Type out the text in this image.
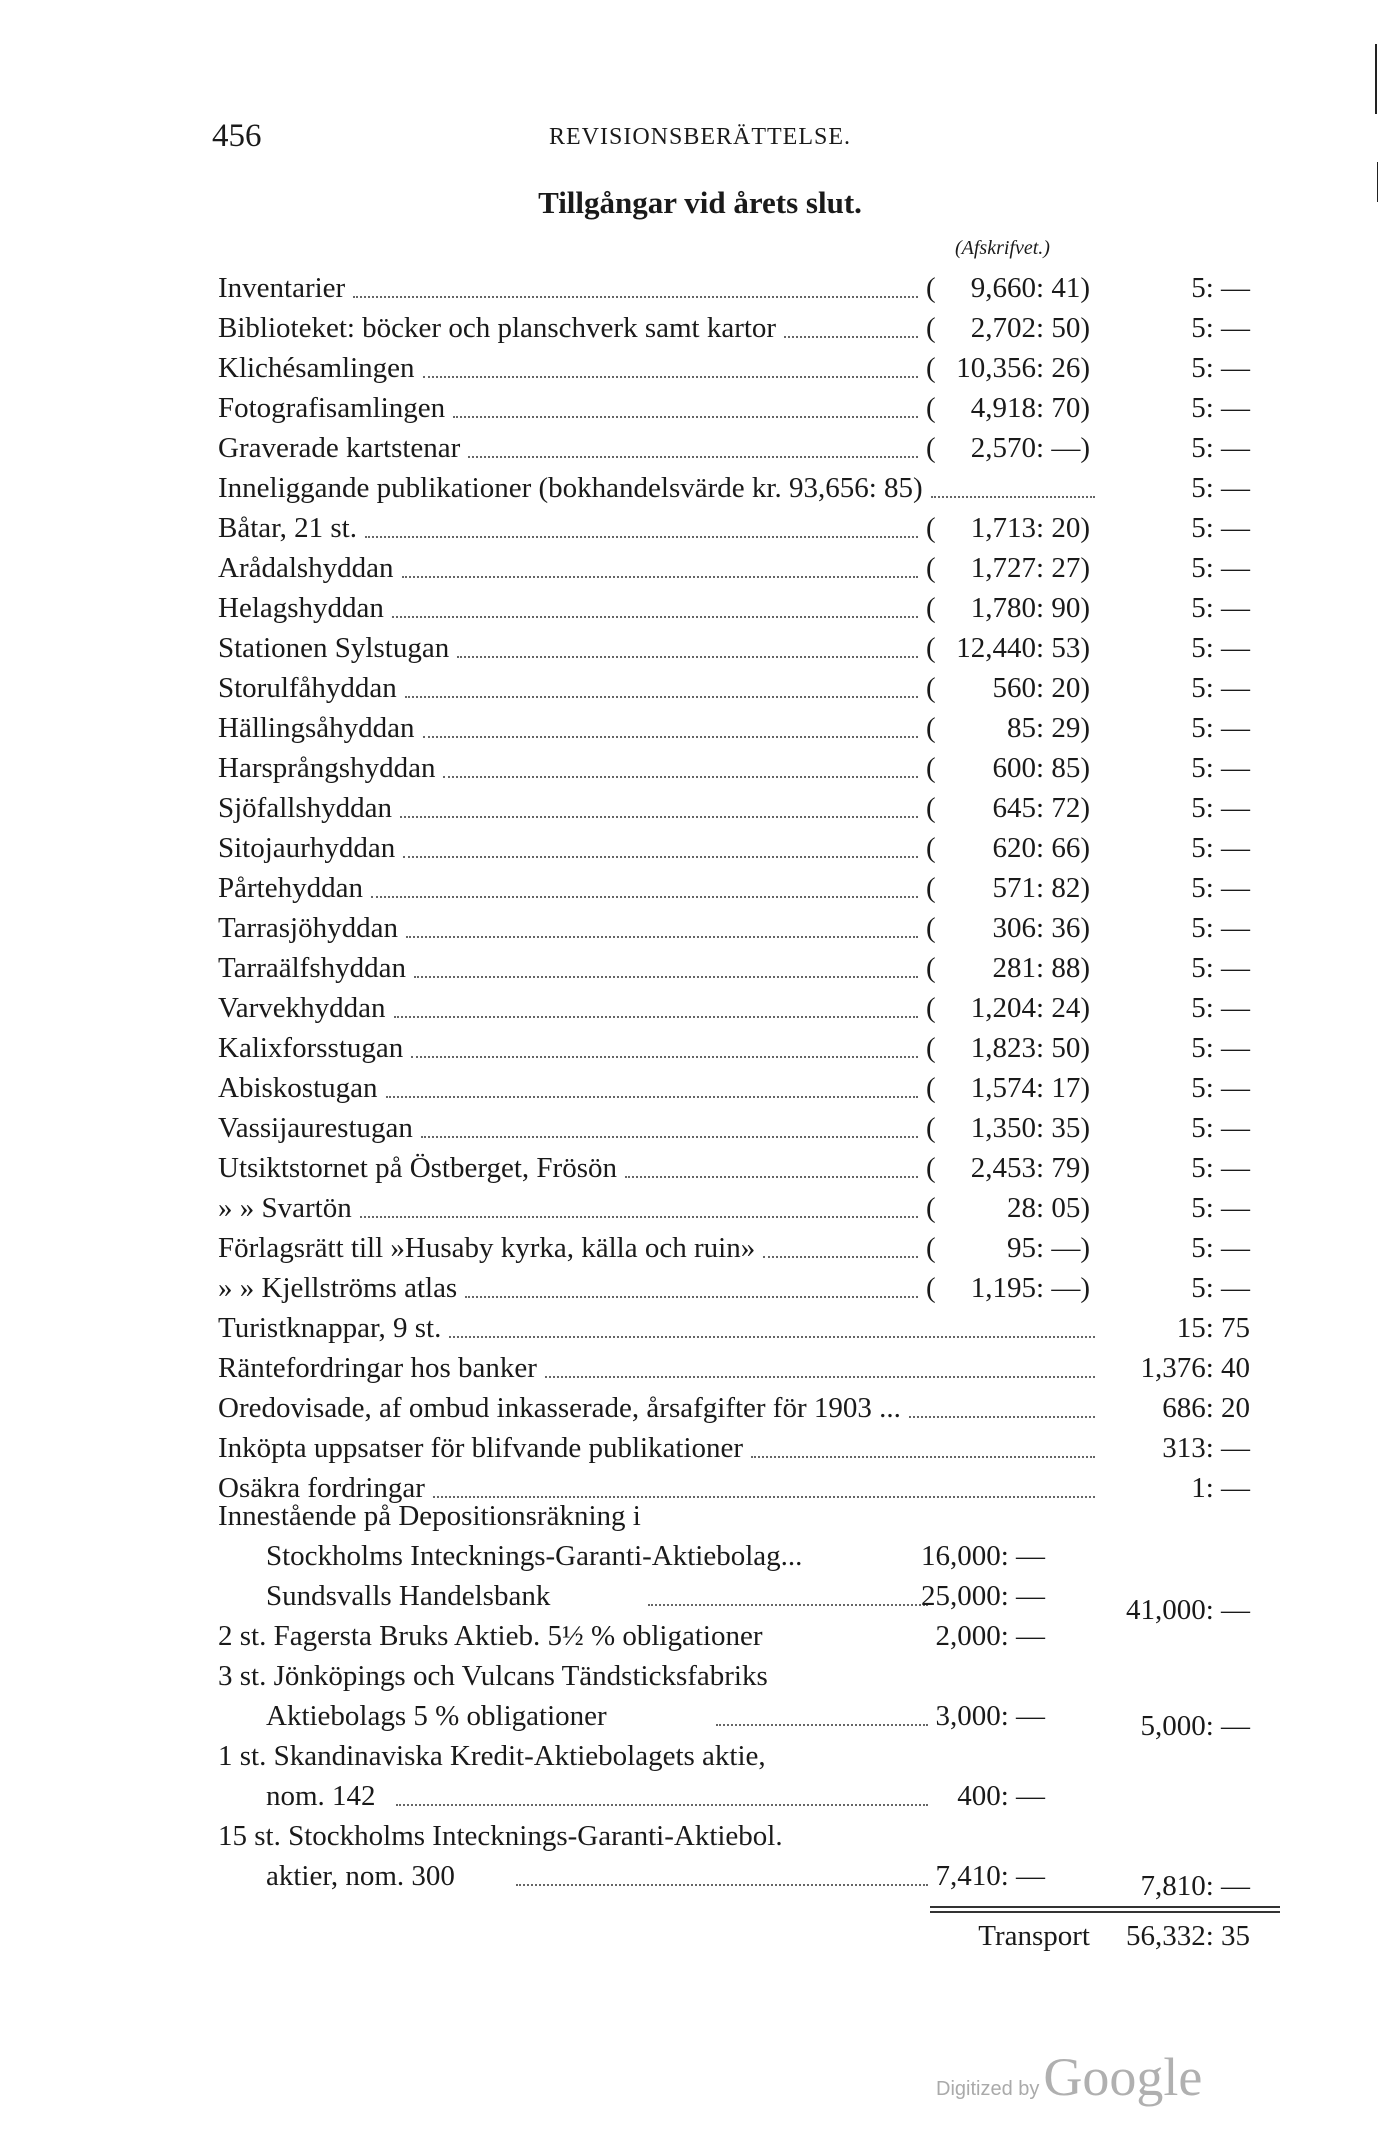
456	REVISIONSBERÄTTELSE.
Tillgångar vid årets slut.
(Afskrifvet.)
Inventarier	( 9,660: 41)	5: —
Biblioteket: böcker och planschverk samt kartor	( 2,702: 50)	5: —
Klichésamlingen	( 10,356: 26)	5: —
Fotografisamlingen	( 4,918: 70)	5: —
Graverade kartstenar	( 2,570: —)	5: —
Inneliggande publikationer (bokhandelsvärde kr. 93,656: 85)	5: —
Båtar, 21 st.	( 1,713: 20)	5: —
Arådalshyddan	( 1,727: 27)	5: —
Helagshyddan	( 1,780: 90)	5: —
Stationen Sylstugan	( 12,440: 53)	5: —
Storulfåhyddan	( 560: 20)	5: —
Hällingsåhyddan	( 85: 29)	5: —
Harsprångshyddan	( 600: 85)	5: —
Sjöfallshyddan	( 645: 72)	5: —
Sitojaurhyddan	( 620: 66)	5: —
Pårtehyddan	( 571: 82)	5: —
Tarrasjöhyddan	( 306: 36)	5: —
Tarraälfshyddan	( 281: 88)	5: —
Varvekhyddan	( 1,204: 24)	5: —
Kalixforsstugan	( 1,823: 50)	5: —
Abiskostugan	( 1,574: 17)	5: —
Vassijaurestugan	( 1,350: 35)	5: —
Utsiktstornet på Östberget, Frösön	( 2,453: 79)	5: —
» » Svartön	( 28: 05)	5: —
Förlagsrätt till »Husaby kyrka, källa och ruin»	( 95: —)	5: —
» » Kjellströms atlas	( 1,195: —)	5: —
Turistknappar, 9 st.	15: 75
Räntefordringar hos banker	1,376: 40
Oredovisade, af ombud inkasserade, årsafgifter för 1903 ...	686: 20
Inköpta uppsatser för blifvande publikationer	313: —
Osäkra fordringar	1: —
Innestående på Depositionsräkning i
Stockholms Intecknings-Garanti-Aktiebolag...	16,000: —
Sundsvalls Handelsbank	25,000: —	41,000: —
2 st. Fagersta Bruks Aktieb. 5½ % obligationer	2,000: —
3 st. Jönköpings och Vulcans Tändsticksfabriks
Aktiebolags 5 % obligationer	3,000: —	5,000: —
1 st. Skandinaviska Kredit-Aktiebolagets aktie,
nom. 142	400: —
15 st. Stockholms Intecknings-Garanti-Aktiebol.
aktier, nom. 300	7,410: —	7,810: —
Transport 56,332: 35
Digitized by Google
